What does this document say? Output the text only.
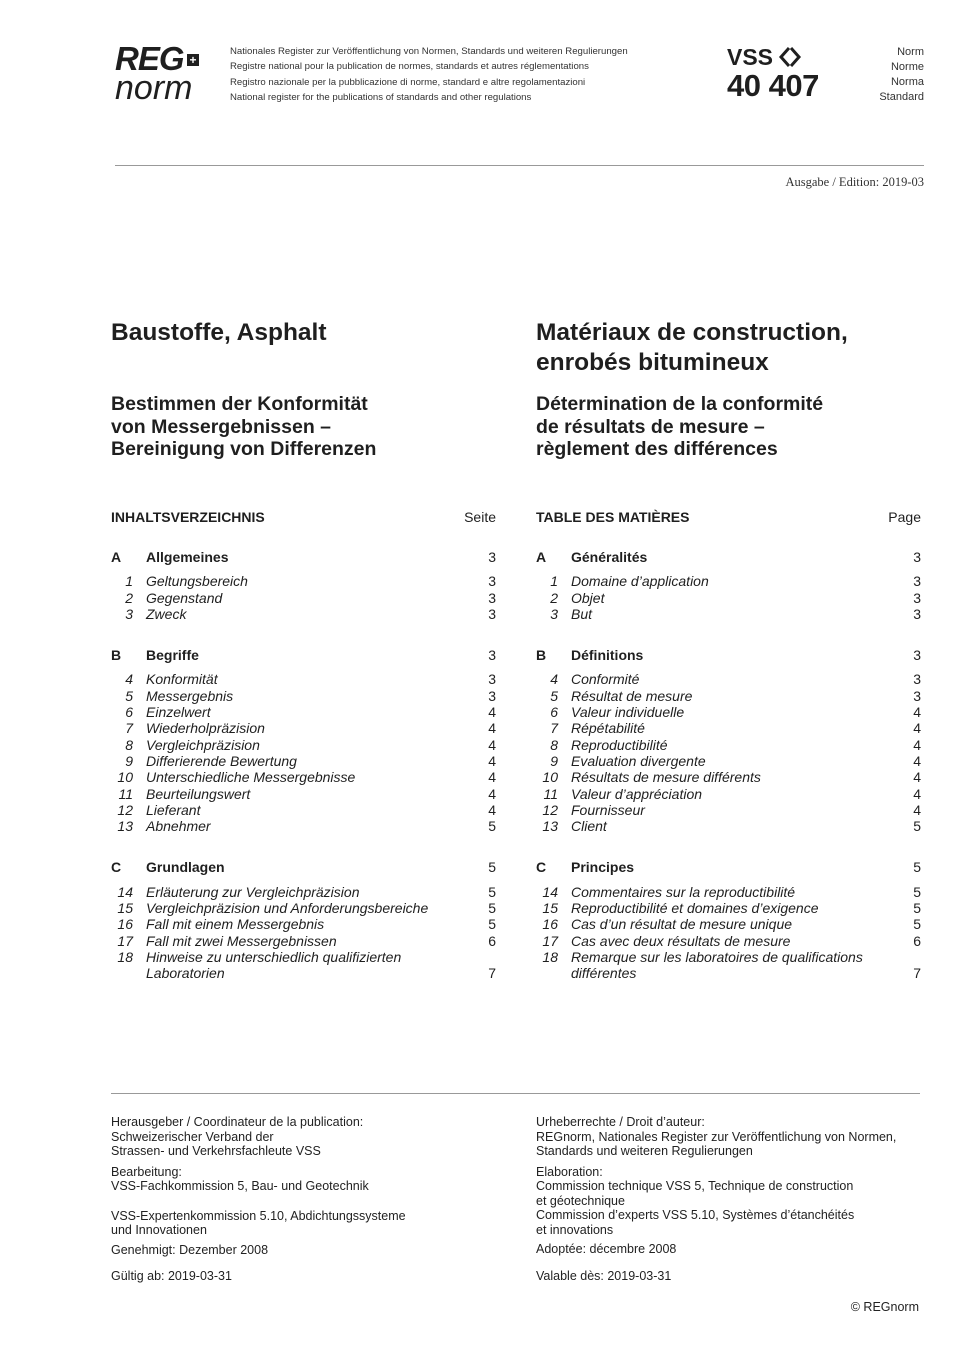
REG +
norm
Nationales Register zur Veröffentlichung von Normen, Standards und weiteren Regulierungen
Registre national pour la publication de normes, standards et autres réglementations
Registro nazionale per la pubblicazione di norme, standard e altre regolamentazioni
National register for the publications of standards and other regulations
VSS
40 407
Norm
Norme
Norma
Standard
Ausgabe / Edition: 2019-03
Baustoffe, Asphalt
Bestimmen der Konformität
von Messergebnissen –
Bereinigung von Differenzen
Matériaux de construction,
enrobés bitumineux
Détermination de la conformité
de résultats de mesure –
règlement des différences
INHALTSVERZEICHNIS	Seite
A	Allgemeines	3
1 Geltungsbereich	3
2 Gegenstand	3
3 Zweck	3
B	Begriffe	3
4 Konformität	3
5 Messergebnis	3
6 Einzelwert	4
7 Wiederholpräzision	4
8 Vergleichpräzision	4
9 Differierende Bewertung	4
10 Unterschiedliche Messergebnisse	4
11 Beurteilungswert	4
12 Lieferant	4
13 Abnehmer	5
C	Grundlagen	5
14 Erläuterung zur Vergleichpräzision	5
15 Vergleichpräzision und Anforderungsbereiche	5
16 Fall mit einem Messergebnis	5
17 Fall mit zwei Messergebnissen	6
18 Hinweise zu unterschiedlich qualifizierten Laboratorien	7
TABLE DES MATIÈRES	Page
A	Généralités	3
1 Domaine d’application	3
2 Objet	3
3 But	3
B	Définitions	3
4 Conformité	3
5 Résultat de mesure	3
6 Valeur individuelle	4
7 Répétabilité	4
8 Reproductibilité	4
9 Evaluation divergente	4
10 Résultats de mesure différents	4
11 Valeur d’appréciation	4
12 Fournisseur	4
13 Client	5
C	Principes	5
14 Commentaires sur la reproductibilité	5
15 Reproductibilité et domaines d’exigence	5
16 Cas d’un résultat de mesure unique	5
17 Cas avec deux résultats de mesure	6
18 Remarque sur les laboratoires de qualifications différentes	7

Herausgeber / Coordinateur de la publication:

Schweizerischer Verband der

Strassen- und Verkehrsfachleute VSS

Bearbeitung:

VSS-Fachkommission 5, Bau- und Geotechnik

VSS-Expertenkommission 5.10, Abdichtungssysteme

und Innovationen

Genehmigt: Dezember 2008

Gültig ab: 2019-03-31

Urheberrechte / Droit d’auteur:

REGnorm, Nationales Register zur Veröffentlichung von Normen,

Standards und weiteren Regulierungen

Elaboration:

Commission technique VSS 5, Technique de construction

et géotechnique

Commission d’experts VSS 5.10, Systèmes d’étanchéités

et innovations

Adoptée: décembre 2008

Valable dès: 2019-03-31

© REGnorm
